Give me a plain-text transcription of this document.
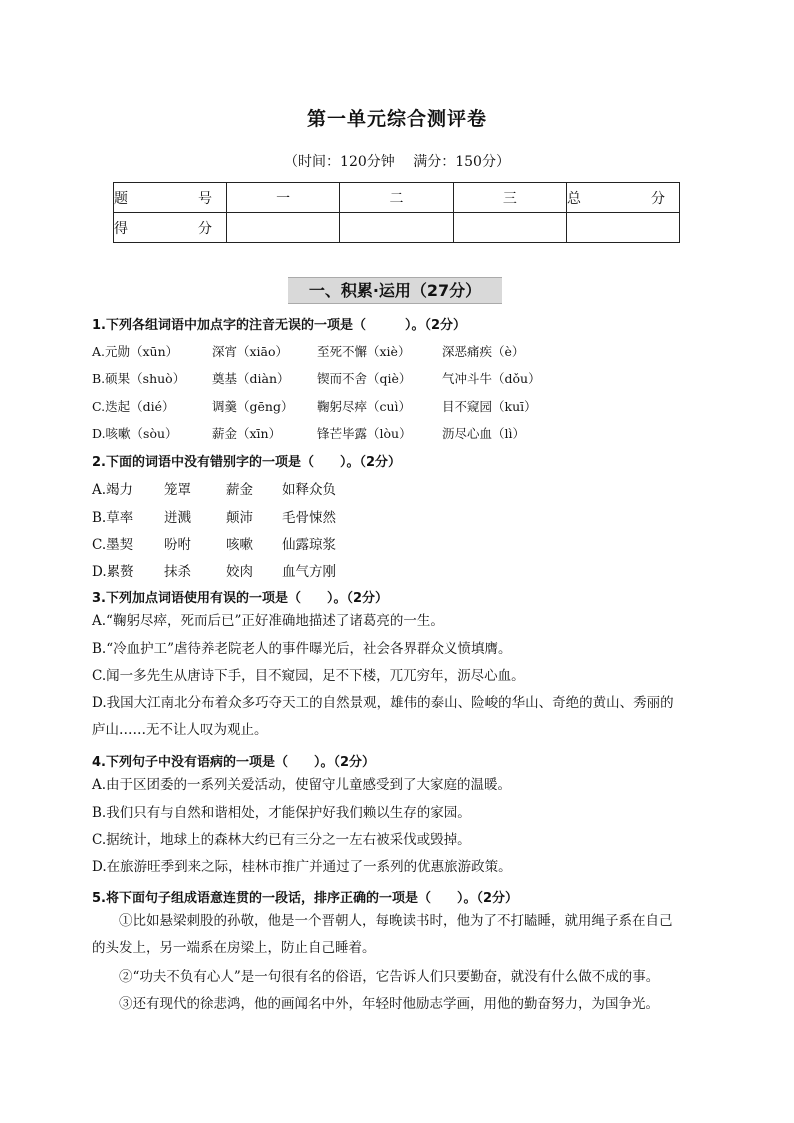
第一单元综合测评卷
（时间：120分钟　 满分：150分）
题　　号	一	二	三	总　　分
得　　分				
一、积累·运用（27分）
1.下列各组词语中加点字的注音无误的一项是（　　　）。（2分）
A.元勋（xūn）	深宵（xiāo） 至死不懈（xiè）	深恶痛疾（è）
B.硕果（shuò） 奠基（diàn） 锲而不舍（qiè） 气冲斗牛（dǒu）
C.迭起（dié）	调羹（gēng） 鞠躬尽瘁（cuì） 目不窥园（kuī）
D.咳嗽（sòu）	薪金（xīn）	锋芒毕露（lòu） 沥尽心血（lì）
2.下面的词语中没有错别字的一项是（　　）。（2分）
A.竭力 笼罩	薪金 如释众负
B.草率 迸溅	颠沛 毛骨悚然
C.墨契 吩咐	咳嗽 仙露琼浆
D.累赘 抹杀	姣肉 血气方刚
3.下列加点词语使用有误的一项是（　　）。（2分）
A.“鞠躬尽瘁，死而后已”正好准确地描述了诸葛亮的一生。
B.“冷血护工”虐待养老院老人的事件曝光后，社会各界群众义愤填膺。
C.闻一多先生从唐诗下手，目不窥园，足不下楼，兀兀穷年，沥尽心血。
D.我国大江南北分布着众多巧夺天工的自然景观，雄伟的泰山、险峻的华山、奇绝的黄山、秀丽的
庐山……无不让人叹为观止。
4.下列句子中没有语病的一项是（　　）。（2分）
A.由于区团委的一系列关爱活动，使留守儿童感受到了大家庭的温暖。
B.我们只有与自然和谐相处，才能保护好我们赖以生存的家园。
C.据统计，地球上的森林大约已有三分之一左右被采伐或毁掉。
D.在旅游旺季到来之际，桂林市推广并通过了一系列的优惠旅游政策。
5.将下面句子组成语意连贯的一段话，排序正确的一项是（　　）。（2分）
①比如悬梁刺股的孙敬，他是一个晋朝人，每晚读书时，他为了不打瞌睡，就用绳子系在自己
的头发上，另一端系在房梁上，防止自己睡着。
②“功夫不负有心人”是一句很有名的俗语，它告诉人们只要勤奋，就没有什么做不成的事。
③还有现代的徐悲鸿，他的画闻名中外，年轻时他励志学画，用他的勤奋努力，为国争光。
